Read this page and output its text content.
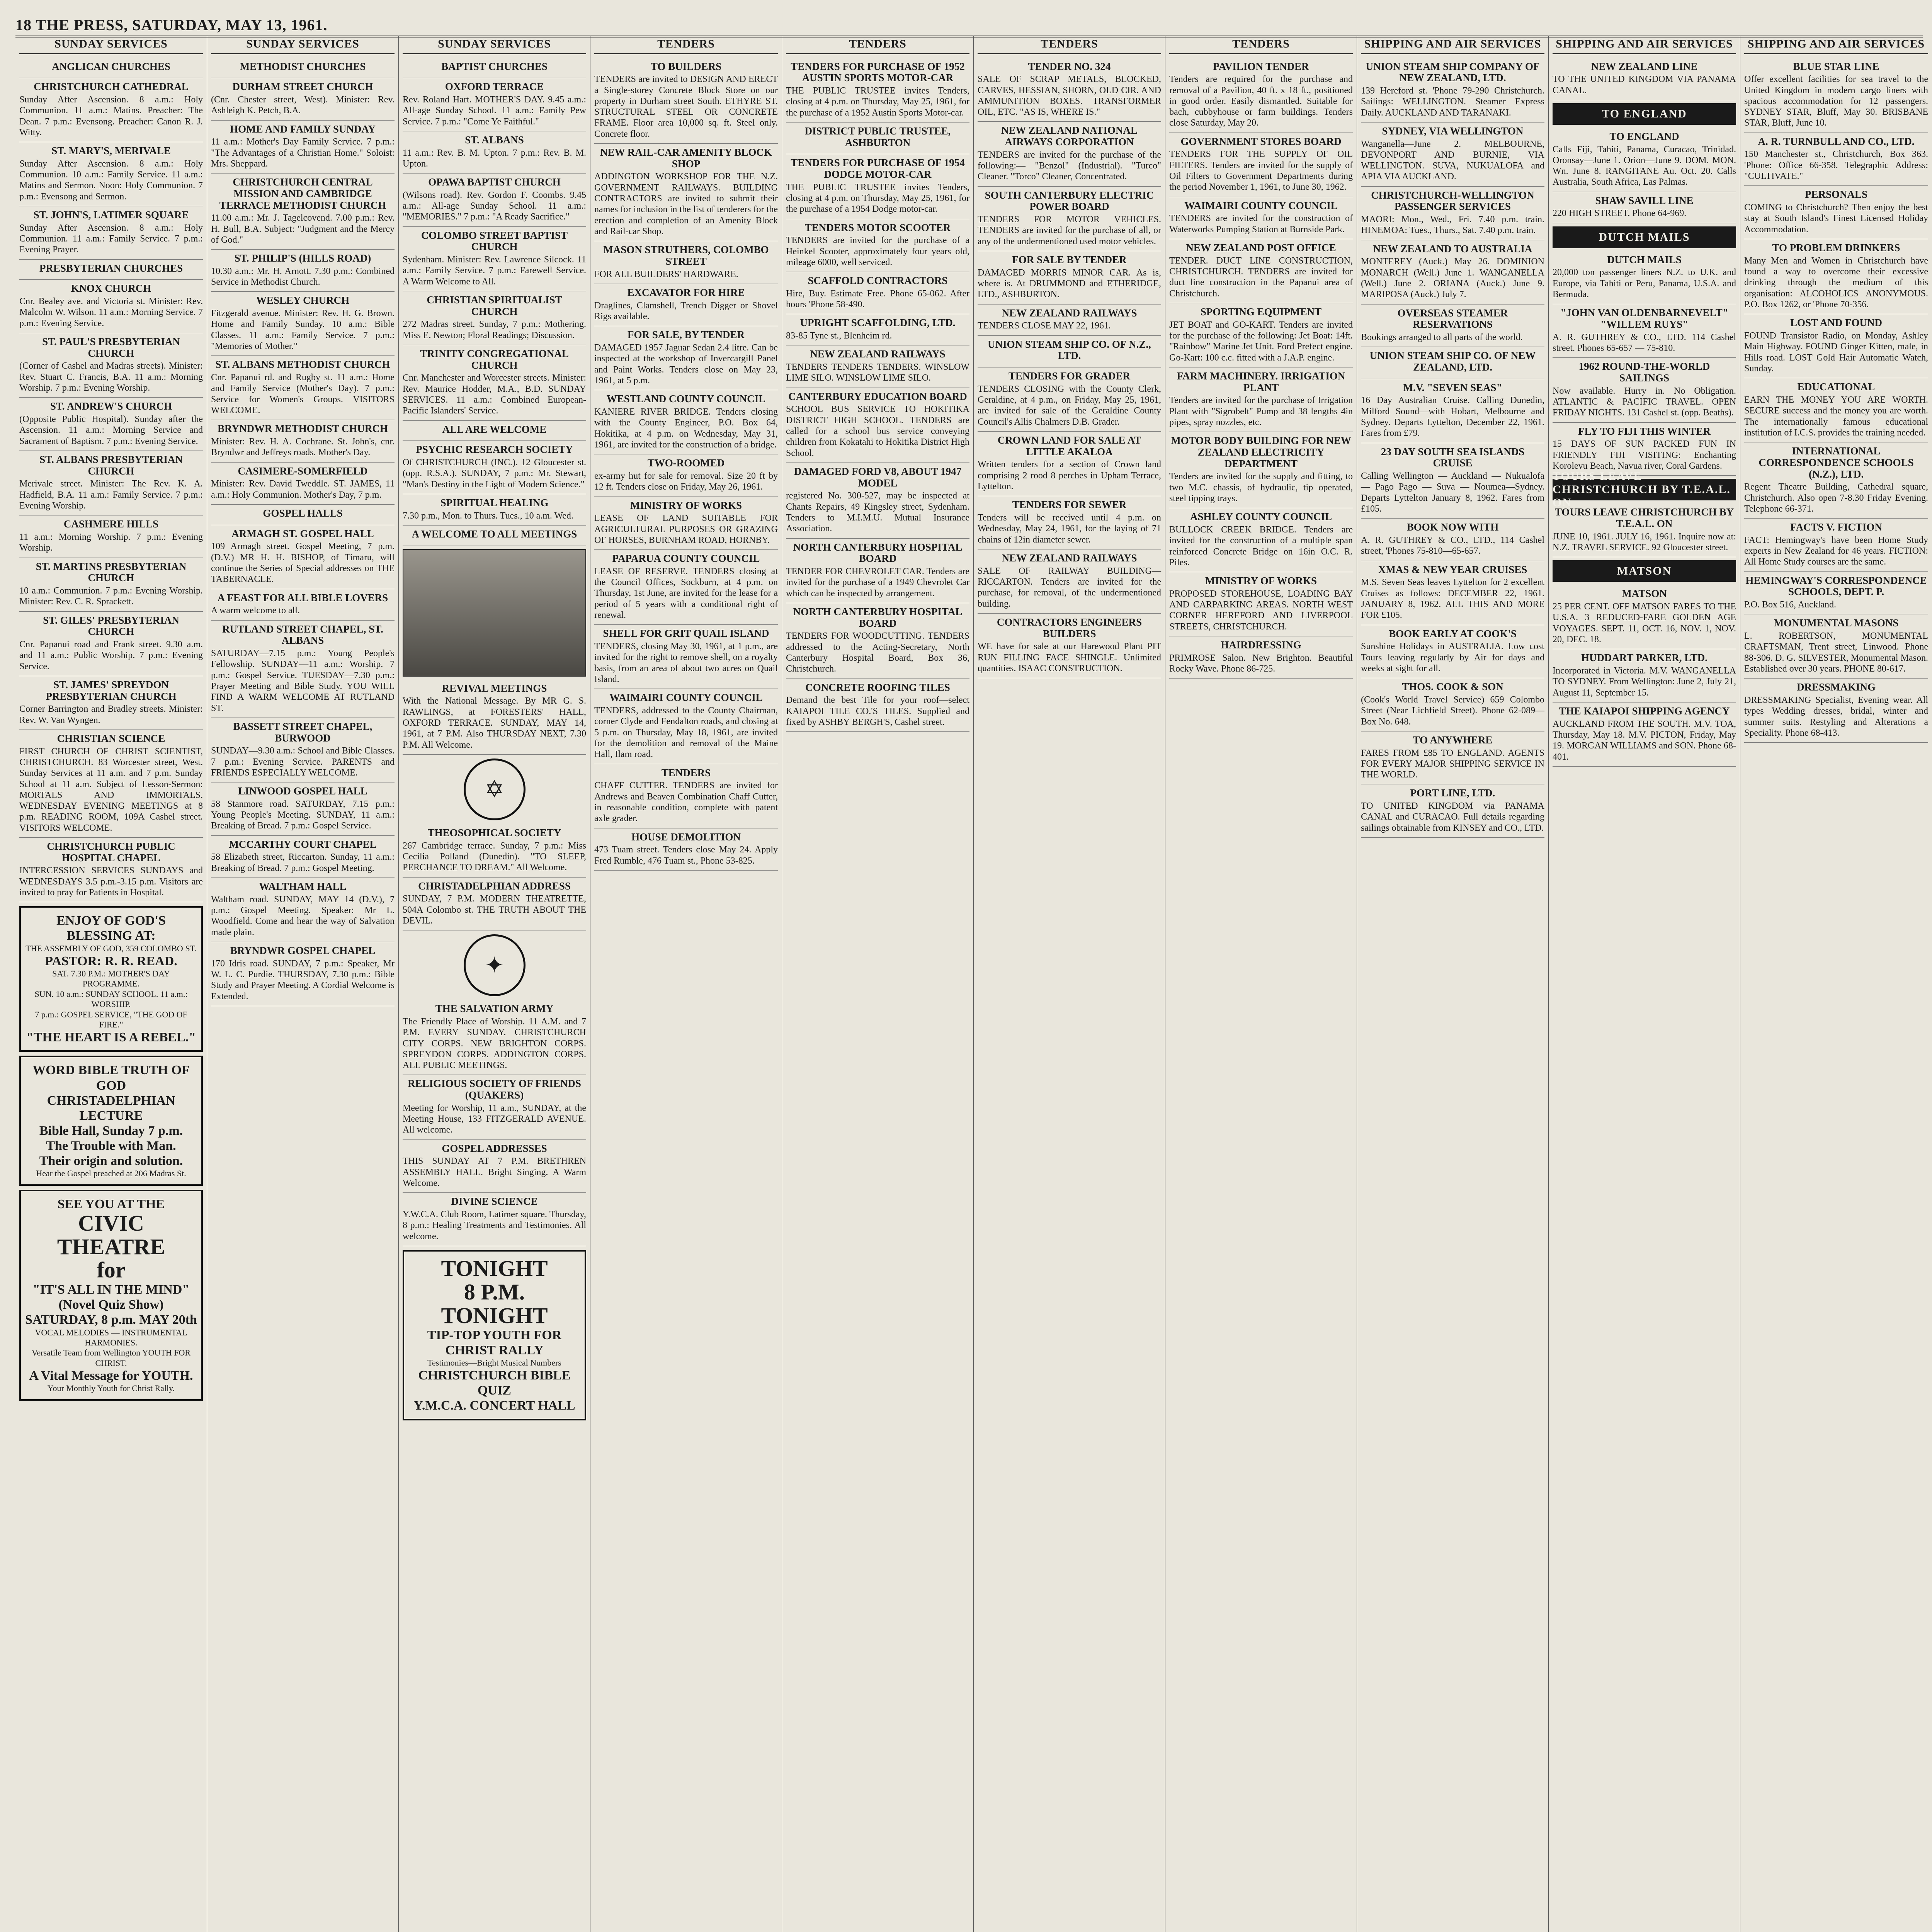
18 THE PRESS, SATURDAY, MAY 13, 1961.
SUNDAY SERVICES
ANGLICAN CHURCHES
CHRISTCHURCH CATHEDRAL
Sunday After Ascension. 8 a.m.: Holy Communion. 11 a.m.: Matins. Preacher: The Dean. 7 p.m.: Evensong. Preacher: Canon R. J. Witty.
ST. MARY'S, MERIVALE
Sunday After Ascension. 8 a.m.: Holy Communion. 10 a.m.: Family Service. 11 a.m.: Matins and Sermon. Noon: Holy Communion. 7 p.m.: Evensong and Sermon.
ST. JOHN'S, LATIMER SQUARE
Sunday After Ascension. 8 a.m.: Holy Communion. 11 a.m.: Family Service. 7 p.m.: Evening Prayer.
PRESBYTERIAN CHURCHES
KNOX CHURCH
Cnr. Bealey ave. and Victoria st. Minister: Rev. Malcolm W. Wilson. 11 a.m.: Morning Service. 7 p.m.: Evening Service.
ST. PAUL'S PRESBYTERIAN CHURCH
(Corner of Cashel and Madras streets). Minister: Rev. Stuart C. Francis, B.A. 11 a.m.: Morning Worship. 7 p.m.: Evening Worship.
ST. ANDREW'S CHURCH
(Opposite Public Hospital). Sunday after the Ascension. 11 a.m.: Morning Service and Sacrament of Baptism. 7 p.m.: Evening Service.
ST. ALBANS PRESBYTERIAN CHURCH
Merivale street. Minister: The Rev. K. A. Hadfield, B.A. 11 a.m.: Family Service. 7 p.m.: Evening Worship.
CASHMERE HILLS
11 a.m.: Morning Worship. 7 p.m.: Evening Worship.
ST. MARTINS PRESBYTERIAN CHURCH
10 a.m.: Communion. 7 p.m.: Evening Worship. Minister: Rev. C. R. Sprackett.
ST. GILES' PRESBYTERIAN CHURCH
Cnr. Papanui road and Frank street. 9.30 a.m. and 11 a.m.: Public Worship. 7 p.m.: Evening Service.
ST. JAMES' SPREYDON PRESBYTERIAN CHURCH
Corner Barrington and Bradley streets. Minister: Rev. W. Van Wyngen.
CHRISTIAN SCIENCE
FIRST CHURCH OF CHRIST SCIENTIST, CHRISTCHURCH. 83 Worcester street, West. Sunday Services at 11 a.m. and 7 p.m. Sunday School at 11 a.m. Subject of Lesson-Sermon: MORTALS AND IMMORTALS. WEDNESDAY EVENING MEETINGS at 8 p.m. READING ROOM, 109A Cashel street. VISITORS WELCOME.
CHRISTCHURCH PUBLIC HOSPITAL CHAPEL
INTERCESSION SERVICES SUNDAYS and WEDNESDAYS 3.5 p.m.-3.15 p.m. Visitors are invited to pray for Patients in Hospital.
ENJOY OF GOD'S BLESSING AT:
THE ASSEMBLY OF GOD, 359 COLOMBO ST.
PASTOR: R. R. READ.
SAT. 7.30 P.M.: MOTHER'S DAY PROGRAMME.
SUN. 10 a.m.: SUNDAY SCHOOL. 11 a.m.: WORSHIP.
7 p.m.: GOSPEL SERVICE, "THE GOD OF FIRE."
"THE HEART IS A REBEL."
WORD BIBLE TRUTH OF GOD
CHRISTADELPHIAN LECTURE
Bible Hall, Sunday 7 p.m.
The Trouble with Man.
Their origin and solution.
Hear the Gospel preached at 206 Madras St.
SEE YOU AT THE
CIVIC THEATRE
for
"IT'S ALL IN THE MIND"
(Novel Quiz Show)
SATURDAY, 8 p.m. MAY 20th
VOCAL MELODIES — INSTRUMENTAL HARMONIES.
Versatile Team from Wellington YOUTH FOR CHRIST.
A Vital Message for YOUTH.
Your Monthly Youth for Christ Rally.
SUNDAY SERVICES
METHODIST CHURCHES
DURHAM STREET CHURCH
(Cnr. Chester street, West). Minister: Rev. Ashleigh K. Petch, B.A.
HOME AND FAMILY SUNDAY
11 a.m.: Mother's Day Family Service. 7 p.m.: "The Advantages of a Christian Home." Soloist: Mrs. Sheppard.
CHRISTCHURCH CENTRAL MISSION AND CAMBRIDGE TERRACE METHODIST CHURCH
11.00 a.m.: Mr. J. Tagelcovend. 7.00 p.m.: Rev. H. Bull, B.A. Subject: "Judgment and the Mercy of God."
ST. PHILIP'S (HILLS ROAD)
10.30 a.m.: Mr. H. Arnott. 7.30 p.m.: Combined Service in Methodist Church.
WESLEY CHURCH
Fitzgerald avenue. Minister: Rev. H. G. Brown. Home and Family Sunday. 10 a.m.: Bible Classes. 11 a.m.: Family Service. 7 p.m.: "Memories of Mother."
ST. ALBANS METHODIST CHURCH
Cnr. Papanui rd. and Rugby st. 11 a.m.: Home and Family Service (Mother's Day). 7 p.m.: Service for Women's Groups. VISITORS WELCOME.
BRYNDWR METHODIST CHURCH
Minister: Rev. H. A. Cochrane. St. John's, cnr. Bryndwr and Jeffreys roads. Mother's Day.
CASIMERE-SOMERFIELD
Minister: Rev. David Tweddle. ST. JAMES, 11 a.m.: Holy Communion. Mother's Day, 7 p.m.
GOSPEL HALLS
ARMAGH ST. GOSPEL HALL
109 Armagh street. Gospel Meeting, 7 p.m. (D.V.) MR H. H. BISHOP, of Timaru, will continue the Series of Special addresses on THE TABERNACLE.
A FEAST FOR ALL BIBLE LOVERS
A warm welcome to all.
RUTLAND STREET CHAPEL, ST. ALBANS
SATURDAY—7.15 p.m.: Young People's Fellowship. SUNDAY—11 a.m.: Worship. 7 p.m.: Gospel Service. TUESDAY—7.30 p.m.: Prayer Meeting and Bible Study. YOU WILL FIND A WARM WELCOME AT RUTLAND ST.
BASSETT STREET CHAPEL, BURWOOD
SUNDAY—9.30 a.m.: School and Bible Classes. 7 p.m.: Evening Service. PARENTS and FRIENDS ESPECIALLY WELCOME.
LINWOOD GOSPEL HALL
58 Stanmore road. SATURDAY, 7.15 p.m.: Young People's Meeting. SUNDAY, 11 a.m.: Breaking of Bread. 7 p.m.: Gospel Service.
MCCARTHY COURT CHAPEL
58 Elizabeth street, Riccarton. Sunday, 11 a.m.: Breaking of Bread. 7 p.m.: Gospel Meeting.
WALTHAM HALL
Waltham road. SUNDAY, MAY 14 (D.V.), 7 p.m.: Gospel Meeting. Speaker: Mr L. Woodfield. Come and hear the way of Salvation made plain.
BRYNDWR GOSPEL CHAPEL
170 Idris road. SUNDAY, 7 p.m.: Speaker, Mr W. L. C. Purdie. THURSDAY, 7.30 p.m.: Bible Study and Prayer Meeting. A Cordial Welcome is Extended.
SUNDAY SERVICES
BAPTIST CHURCHES
OXFORD TERRACE
Rev. Roland Hart. MOTHER'S DAY. 9.45 a.m.: All-age Sunday School. 11 a.m.: Family Pew Service. 7 p.m.: "Come Ye Faithful."
ST. ALBANS
11 a.m.: Rev. B. M. Upton. 7 p.m.: Rev. B. M. Upton.
OPAWA BAPTIST CHURCH
(Wilsons road). Rev. Gordon F. Coombs. 9.45 a.m.: All-age Sunday School. 11 a.m.: "MEMORIES." 7 p.m.: "A Ready Sacrifice."
COLOMBO STREET BAPTIST CHURCH
Sydenham. Minister: Rev. Lawrence Silcock. 11 a.m.: Family Service. 7 p.m.: Farewell Service. A Warm Welcome to All.
CHRISTIAN SPIRITUALIST CHURCH
272 Madras street. Sunday, 7 p.m.: Mothering. Miss E. Newton; Floral Readings; Discussion.
TRINITY CONGREGATIONAL CHURCH
Cnr. Manchester and Worcester streets. Minister: Rev. Maurice Hodder, M.A., B.D. SUNDAY SERVICES. 11 a.m.: Combined European-Pacific Islanders' Service.
ALL ARE WELCOME
PSYCHIC RESEARCH SOCIETY
Of CHRISTCHURCH (INC.). 12 Gloucester st. (opp. R.S.A.). SUNDAY, 7 p.m.: Mr. Stewart, "Man's Destiny in the Light of Modern Science."
SPIRITUAL HEALING
7.30 p.m., Mon. to Thurs. Tues., 10 a.m. Wed.
A WELCOME TO ALL MEETINGS
REVIVAL MEETINGS
With the National Message. By MR G. S. RAWLINGS, at FORESTERS' HALL, OXFORD TERRACE. SUNDAY, MAY 14, 1961, at 7 P.M. Also THURSDAY NEXT, 7.30 P.M. All Welcome.
✡
THEOSOPHICAL SOCIETY
267 Cambridge terrace. Sunday, 7 p.m.: Miss Cecilia Polland (Dunedin). "TO SLEEP, PERCHANCE TO DREAM." All Welcome.
CHRISTADELPHIAN ADDRESS
SUNDAY, 7 P.M. MODERN THEATRETTE, 504A Colombo st. THE TRUTH ABOUT THE DEVIL.
✦
THE SALVATION ARMY
The Friendly Place of Worship. 11 A.M. and 7 P.M. EVERY SUNDAY. CHRISTCHURCH CITY CORPS. NEW BRIGHTON CORPS. SPREYDON CORPS. ADDINGTON CORPS. ALL PUBLIC MEETINGS.
RELIGIOUS SOCIETY OF FRIENDS (QUAKERS)
Meeting for Worship, 11 a.m., SUNDAY, at the Meeting House, 133 FITZGERALD AVENUE. All welcome.
GOSPEL ADDRESSES
THIS SUNDAY AT 7 P.M. BRETHREN ASSEMBLY HALL. Bright Singing. A Warm Welcome.
DIVINE SCIENCE
Y.W.C.A. Club Room, Latimer square. Thursday, 8 p.m.: Healing Treatments and Testimonies. All welcome.
TONIGHT
8 P.M.
TONIGHT
TIP-TOP YOUTH FOR CHRIST RALLY
Testimonies—Bright Musical Numbers
CHRISTCHURCH BIBLE QUIZ
Y.M.C.A. CONCERT HALL
TENDERS
TO BUILDERS
TENDERS are invited to DESIGN AND ERECT a Single-storey Concrete Block Store on our property in Durham street South. ETHYRE ST. STRUCTURAL STEEL OR CONCRETE FRAME. Floor area 10,000 sq. ft. Steel only. Concrete floor.
NEW RAIL-CAR AMENITY BLOCK SHOP
ADDINGTON WORKSHOP FOR THE N.Z. GOVERNMENT RAILWAYS. BUILDING CONTRACTORS are invited to submit their names for inclusion in the list of tenderers for the erection and completion of an Amenity Block and Rail-car Shop.
MASON STRUTHERS, COLOMBO STREET
FOR ALL BUILDERS' HARDWARE.
EXCAVATOR FOR HIRE
Draglines, Clamshell, Trench Digger or Shovel Rigs available.
FOR SALE, BY TENDER
DAMAGED 1957 Jaguar Sedan 2.4 litre. Can be inspected at the workshop of Invercargill Panel and Paint Works. Tenders close on May 23, 1961, at 5 p.m.
WESTLAND COUNTY COUNCIL
KANIERE RIVER BRIDGE. Tenders closing with the County Engineer, P.O. Box 64, Hokitika, at 4 p.m. on Wednesday, May 31, 1961, are invited for the construction of a bridge.
TWO-ROOMED
ex-army hut for sale for removal. Size 20 ft by 12 ft. Tenders close on Friday, May 26, 1961.
MINISTRY OF WORKS
LEASE OF LAND SUITABLE FOR AGRICULTURAL PURPOSES OR GRAZING OF HORSES, BURNHAM ROAD, HORNBY.
PAPARUA COUNTY COUNCIL
LEASE OF RESERVE. TENDERS closing at the Council Offices, Sockburn, at 4 p.m. on Thursday, 1st June, are invited for the lease for a period of 5 years with a conditional right of renewal.
SHELL FOR GRIT QUAIL ISLAND
TENDERS, closing May 30, 1961, at 1 p.m., are invited for the right to remove shell, on a royalty basis, from an area of about two acres on Quail Island.
WAIMAIRI COUNTY COUNCIL
TENDERS, addressed to the County Chairman, corner Clyde and Fendalton roads, and closing at 5 p.m. on Thursday, May 18, 1961, are invited for the demolition and removal of the Maine Hall, Ilam road.
TENDERS
CHAFF CUTTER. TENDERS are invited for Andrews and Beaven Combination Chaff Cutter, in reasonable condition, complete with patent axle grader.
HOUSE DEMOLITION
473 Tuam street. Tenders close May 24. Apply Fred Rumble, 476 Tuam st., Phone 53-825.
TENDERS
TENDERS FOR PURCHASE OF 1952 AUSTIN SPORTS MOTOR-CAR
THE PUBLIC TRUSTEE invites Tenders, closing at 4 p.m. on Thursday, May 25, 1961, for the purchase of a 1952 Austin Sports Motor-car.
DISTRICT PUBLIC TRUSTEE, ASHBURTON
TENDERS FOR PURCHASE OF 1954 DODGE MOTOR-CAR
THE PUBLIC TRUSTEE invites Tenders, closing at 4 p.m. on Thursday, May 25, 1961, for the purchase of a 1954 Dodge motor-car.
TENDERS MOTOR SCOOTER
TENDERS are invited for the purchase of a Heinkel Scooter, approximately four years old, mileage 6000, well serviced.
SCAFFOLD CONTRACTORS
Hire, Buy. Estimate Free. Phone 65-062. After hours 'Phone 58-490.
UPRIGHT SCAFFOLDING, LTD.
83-85 Tyne st., Blenheim rd.
NEW ZEALAND RAILWAYS
TENDERS TENDERS TENDERS. WINSLOW LIME SILO. WINSLOW LIME SILO.
CANTERBURY EDUCATION BOARD
SCHOOL BUS SERVICE TO HOKITIKA DISTRICT HIGH SCHOOL. TENDERS are called for a school bus service conveying children from Kokatahi to Hokitika District High School.
DAMAGED FORD V8, ABOUT 1947 MODEL
registered No. 300-527, may be inspected at Chants Repairs, 49 Kingsley street, Sydenham. Tenders to M.I.M.U. Mutual Insurance Association.
NORTH CANTERBURY HOSPITAL BOARD
TENDER FOR CHEVROLET CAR. Tenders are invited for the purchase of a 1949 Chevrolet Car which can be inspected by arrangement.
NORTH CANTERBURY HOSPITAL BOARD
TENDERS FOR WOODCUTTING. TENDERS addressed to the Acting-Secretary, North Canterbury Hospital Board, Box 36, Christchurch.
CONCRETE ROOFING TILES
Demand the best Tile for your roof—select KAIAPOI TILE CO.'S TILES. Supplied and fixed by ASHBY BERGH'S, Cashel street.
TENDERS
TENDER NO. 324
SALE OF SCRAP METALS, BLOCKED, CARVES, HESSIAN, SHORN, OLD CIR. AND AMMUNITION BOXES. TRANSFORMER OIL, ETC. "AS IS, WHERE IS."
NEW ZEALAND NATIONAL AIRWAYS CORPORATION
TENDERS are invited for the purchase of the following:— "Benzol" (Industrial). "Turco" Cleaner. "Torco" Cleaner, Concentrated.
SOUTH CANTERBURY ELECTRIC POWER BOARD
TENDERS FOR MOTOR VEHICLES. TENDERS are invited for the purchase of all, or any of the undermentioned used motor vehicles.
FOR SALE BY TENDER
DAMAGED MORRIS MINOR CAR. As is, where is. At DRUMMOND and ETHERIDGE, LTD., ASHBURTON.
NEW ZEALAND RAILWAYS
TENDERS CLOSE MAY 22, 1961.
UNION STEAM SHIP CO. OF N.Z., LTD.
TENDERS FOR GRADER
TENDERS CLOSING with the County Clerk, Geraldine, at 4 p.m., on Friday, May 25, 1961, are invited for sale of the Geraldine County Council's Allis Chalmers D.B. Grader.
CROWN LAND FOR SALE AT LITTLE AKALOA
Written tenders for a section of Crown land comprising 2 rood 8 perches in Upham Terrace, Lyttelton.
TENDERS FOR SEWER
Tenders will be received until 4 p.m. on Wednesday, May 24, 1961, for the laying of 71 chains of 12in diameter sewer.
NEW ZEALAND RAILWAYS
SALE OF RAILWAY BUILDING—RICCARTON. Tenders are invited for the purchase, for removal, of the undermentioned building.
CONTRACTORS ENGINEERS BUILDERS
WE have for sale at our Harewood Plant PIT RUN FILLING FACE SHINGLE. Unlimited quantities. ISAAC CONSTRUCTION.
TENDERS
PAVILION TENDER
Tenders are required for the purchase and removal of a Pavilion, 40 ft. x 18 ft., positioned in good order. Easily dismantled. Suitable for bach, cubbyhouse or farm buildings. Tenders close Saturday, May 20.
GOVERNMENT STORES BOARD
TENDERS FOR THE SUPPLY OF OIL FILTERS. Tenders are invited for the supply of Oil Filters to Government Departments during the period November 1, 1961, to June 30, 1962.
WAIMAIRI COUNTY COUNCIL
TENDERS are invited for the construction of Waterworks Pumping Station at Burnside Park.
NEW ZEALAND POST OFFICE
TENDER. DUCT LINE CONSTRUCTION, CHRISTCHURCH. TENDERS are invited for duct line construction in the Papanui area of Christchurch.
SPORTING EQUIPMENT
JET BOAT and GO-KART. Tenders are invited for the purchase of the following: Jet Boat: 14ft. "Rainbow" Marine Jet Unit. Ford Prefect engine. Go-Kart: 100 c.c. fitted with a J.A.P. engine.
FARM MACHINERY. IRRIGATION PLANT
Tenders are invited for the purchase of Irrigation Plant with "Sigrobelt" Pump and 38 lengths 4in pipes, spray nozzles, etc.
MOTOR BODY BUILDING FOR NEW ZEALAND ELECTRICITY DEPARTMENT
Tenders are invited for the supply and fitting, to two M.C. chassis, of hydraulic, tip operated, steel tipping trays.
ASHLEY COUNTY COUNCIL
BULLOCK CREEK BRIDGE. Tenders are invited for the construction of a multiple span reinforced Concrete Bridge on 16in O.C. R. Piles.
MINISTRY OF WORKS
PROPOSED STOREHOUSE, LOADING BAY AND CARPARKING AREAS. NORTH WEST CORNER HEREFORD AND LIVERPOOL STREETS, CHRISTCHURCH.
HAIRDRESSING
PRIMROSE Salon. New Brighton. Beautiful Rocky Wave. Phone 86-725.
SHIPPING AND AIR SERVICES
UNION STEAM SHIP COMPANY OF NEW ZEALAND, LTD.
139 Hereford st. 'Phone 79-290 Christchurch. Sailings: WELLINGTON. Steamer Express Daily. AUCKLAND AND TARANAKI.
SYDNEY, VIA WELLINGTON
Wanganella—June 2. MELBOURNE, DEVONPORT AND BURNIE, VIA WELLINGTON. SUVA, NUKUALOFA and APIA VIA AUCKLAND.
CHRISTCHURCH-WELLINGTON PASSENGER SERVICES
MAORI: Mon., Wed., Fri. 7.40 p.m. train. HINEMOA: Tues., Thurs., Sat. 7.40 p.m. train.
NEW ZEALAND TO AUSTRALIA
MONTEREY (Auck.) May 26. DOMINION MONARCH (Well.) June 1. WANGANELLA (Well.) June 2. ORIANA (Auck.) June 9. MARIPOSA (Auck.) July 7.
OVERSEAS STEAMER RESERVATIONS
Bookings arranged to all parts of the world.
UNION STEAM SHIP CO. OF NEW ZEALAND, LTD.
M.V. "SEVEN SEAS"
16 Day Australian Cruise. Calling Dunedin, Milford Sound—with Hobart, Melbourne and Sydney. Departs Lyttelton, December 22, 1961. Fares from £79.
23 DAY SOUTH SEA ISLANDS CRUISE
Calling Wellington — Auckland — Nukualofa — Pago Pago — Suva — Noumea—Sydney. Departs Lyttelton January 8, 1962. Fares from £105.
BOOK NOW WITH
A. R. GUTHREY & CO., LTD., 114 Cashel street, 'Phones 75-810—65-657.
XMAS & NEW YEAR CRUISES
M.S. Seven Seas leaves Lyttelton for 2 excellent Cruises as follows: DECEMBER 22, 1961. JANUARY 8, 1962. ALL THIS AND MORE FOR £105.
BOOK EARLY AT COOK'S
Sunshine Holidays in AUSTRALIA. Low cost Tours leaving regularly by Air for days and weeks at sight for all.
THOS. COOK & SON
(Cook's World Travel Service) 659 Colombo Street (Near Lichfield Street). Phone 62-089—Box No. 648.
TO ANYWHERE
FARES FROM £85 TO ENGLAND. AGENTS FOR EVERY MAJOR SHIPPING SERVICE IN THE WORLD.
PORT LINE, LTD.
TO UNITED KINGDOM via PANAMA CANAL and CURACAO. Full details regarding sailings obtainable from KINSEY and CO., LTD.
SHIPPING AND AIR SERVICES
NEW ZEALAND LINE
TO THE UNITED KINGDOM VIA PANAMA CANAL.
TO ENGLAND
TO ENGLAND
Calls Fiji, Tahiti, Panama, Curacao, Trinidad. Oronsay—June 1. Orion—June 9. DOM. MON. Wn. June 8. RANGITANE Au. Oct. 20. Calls Australia, South Africa, Las Palmas.
SHAW SAVILL LINE
220 HIGH STREET. Phone 64-969.
DUTCH MAILS
DUTCH MAILS
20,000 ton passenger liners N.Z. to U.K. and Europe, via Tahiti or Peru, Panama, U.S.A. and Bermuda.
"JOHN VAN OLDENBARNEVELT" "WILLEM RUYS"
A. R. GUTHREY & CO., LTD. 114 Cashel street. Phones 65-657 — 75-810.
1962 ROUND-THE-WORLD SAILINGS
Now available. Hurry in. No Obligation. ATLANTIC & PACIFIC TRAVEL. OPEN FRIDAY NIGHTS. 131 Cashel st. (opp. Beaths).
FLY TO FIJI THIS WINTER
15 DAYS OF SUN PACKED FUN IN FRIENDLY FIJI VISITING: Enchanting Korolevu Beach, Navua river, Coral Gardens.
TOURS LEAVE CHRISTCHURCH BY T.E.A.L. ON
TOURS LEAVE CHRISTCHURCH BY T.E.A.L. ON
JUNE 10, 1961. JULY 16, 1961. Inquire now at: N.Z. TRAVEL SERVICE. 92 Gloucester street.
MATSON
MATSON
25 PER CENT. OFF MATSON FARES TO THE U.S.A. 3 REDUCED-FARE GOLDEN AGE VOYAGES. SEPT. 11, OCT. 16, NOV. 1, NOV. 20, DEC. 18.
HUDDART PARKER, LTD.
Incorporated in Victoria. M.V. WANGANELLA TO SYDNEY. From Wellington: June 2, July 21, August 11, September 15.
THE KAIAPOI SHIPPING AGENCY
AUCKLAND FROM THE SOUTH. M.V. TOA, Thursday, May 18. M.V. PICTON, Friday, May 19. MORGAN WILLIAMS and SON. Phone 68-401.
SHIPPING AND AIR SERVICES
BLUE STAR LINE
Offer excellent facilities for sea travel to the United Kingdom in modern cargo liners with spacious accommodation for 12 passengers. SYDNEY STAR, Bluff, May 30. BRISBANE STAR, Bluff, June 10.
A. R. TURNBULL AND CO., LTD.
150 Manchester st., Christchurch, Box 363. 'Phone: Office 66-358. Telegraphic Address: "CULTIVATE."
PERSONALS
COMING to Christchurch? Then enjoy the best stay at South Island's Finest Licensed Holiday Accommodation.
TO PROBLEM DRINKERS
Many Men and Women in Christchurch have found a way to overcome their excessive drinking through the medium of this organisation: ALCOHOLICS ANONYMOUS. P.O. Box 1262, or 'Phone 70-356.
LOST AND FOUND
FOUND Transistor Radio, on Monday, Ashley Main Highway. FOUND Ginger Kitten, male, in Hills road. LOST Gold Hair Automatic Watch, Sunday.
EDUCATIONAL
EARN THE MONEY YOU ARE WORTH. SECURE success and the money you are worth. The internationally famous educational institution of I.C.S. provides the training needed.
INTERNATIONAL CORRESPONDENCE SCHOOLS (N.Z.), LTD.
Regent Theatre Building, Cathedral square, Christchurch. Also open 7-8.30 Friday Evening. Telephone 66-371.
FACTS V. FICTION
FACT: Hemingway's have been Home Study experts in New Zealand for 46 years. FICTION: All Home Study courses are the same.
HEMINGWAY'S CORRESPONDENCE SCHOOLS, DEPT. P.
P.O. Box 516, Auckland.
MONUMENTAL MASONS
L. ROBERTSON, MONUMENTAL CRAFTSMAN, Trent street, Linwood. Phone 88-306. D. G. SILVESTER, Monumental Mason. Established over 30 years. PHONE 80-617.
DRESSMAKING
DRESSMAKING Specialist, Evening wear. All types Wedding dresses, bridal, winter and summer suits. Restyling and Alterations a Speciality. Phone 68-413.
